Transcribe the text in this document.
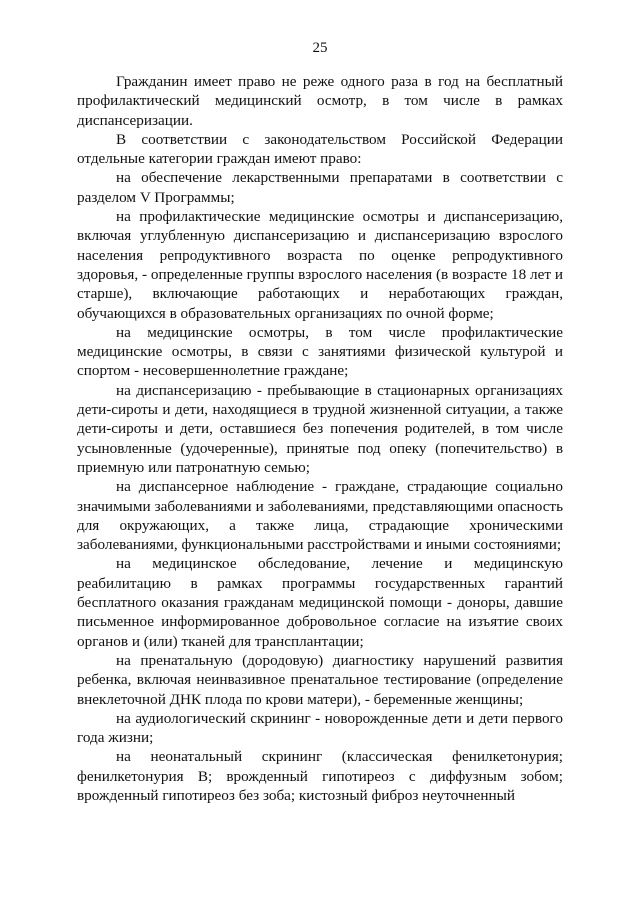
25

Гражданин имеет право не реже одного раза в год на бесплатный профилактический медицинский осмотр, в том числе в рамках диспансеризации.

В соответствии с законодательством Российской Федерации отдельные категории граждан имеют право:

на обеспечение лекарственными препаратами в соответствии с разделом V Программы;

на профилактические медицинские осмотры и диспансеризацию, включая углубленную диспансеризацию и диспансеризацию взрослого населения репродуктивного возраста по оценке репродуктивного здоровья, - определенные группы взрослого населения (в возрасте 18 лет и старше), включающие работающих и неработающих граждан, обучающихся в образовательных организациях по очной форме;

на медицинские осмотры, в том числе профилактические медицинские осмотры, в связи с занятиями физической культурой и спортом - несовершеннолетние граждане;

на диспансеризацию - пребывающие в стационарных организациях дети-сироты и дети, находящиеся в трудной жизненной ситуации, а также дети-сироты и дети, оставшиеся без попечения родителей, в том числе усыновленные (удочеренные), принятые под опеку (попечительство) в приемную или патронатную семью;

на диспансерное наблюдение - граждане, страдающие социально значимыми заболеваниями и заболеваниями, представляющими опасность для окружающих, а также лица, страдающие хроническими заболеваниями, функциональными расстройствами и иными состояниями;

на медицинское обследование, лечение и медицинскую реабилитацию в рамках программы государственных гарантий бесплатного оказания гражданам медицинской помощи - доноры, давшие письменное информированное добровольное согласие на изъятие своих органов и (или) тканей для трансплантации;

на пренатальную (дородовую) диагностику нарушений развития ребенка, включая неинвазивное пренатальное тестирование (определение внеклеточной ДНК плода по крови матери), - беременные женщины;

на аудиологический скрининг - новорожденные дети и дети первого года жизни;

на неонатальный скрининг (классическая фенилкетонурия; фенилкетонурия B; врожденный гипотиреоз с диффузным зобом; врожденный гипотиреоз без зоба; кистозный фиброз неуточненный
